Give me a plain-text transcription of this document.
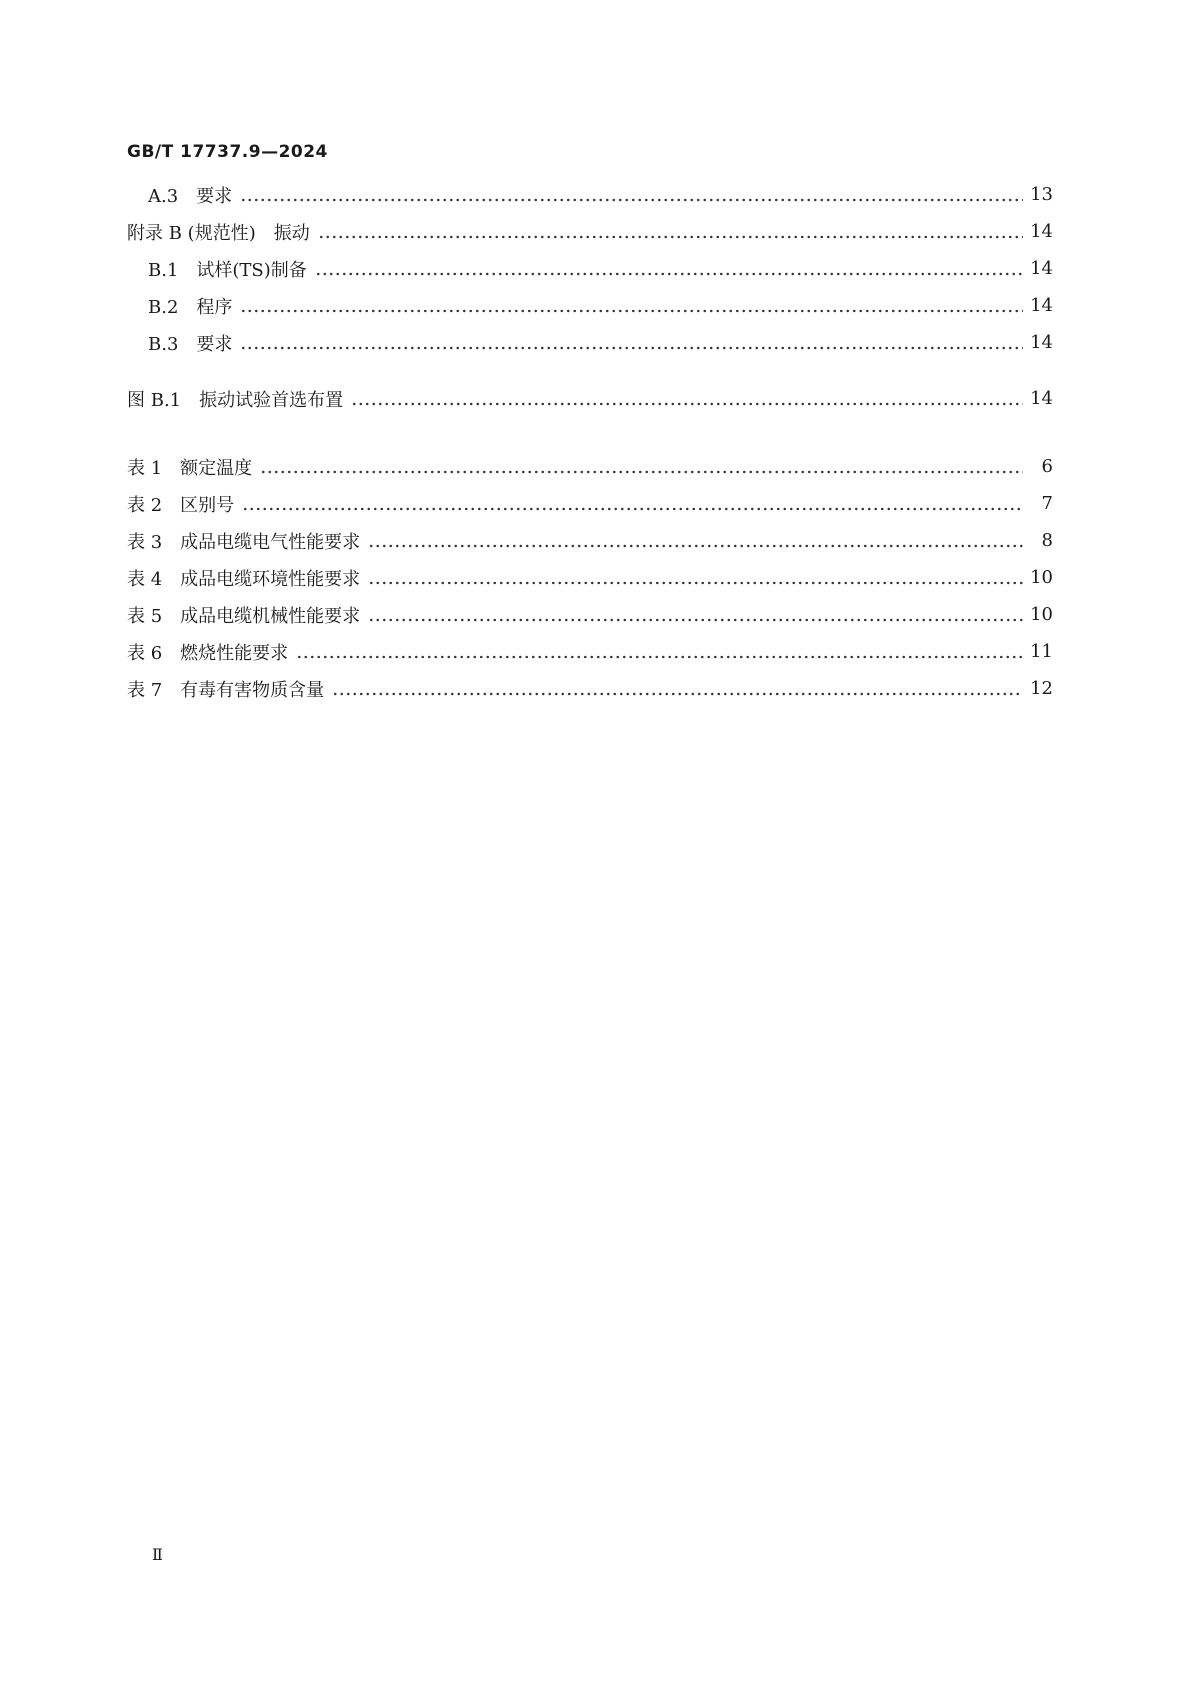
GB/T 17737.9—2024
A.3　要求	13
附录 B (规范性)　振动	14
B.1　试样(TS)制备	14
B.2　程序	14
B.3　要求	14
图 B.1　振动试验首选布置	14
表 1　额定温度	6
表 2　区别号	7
表 3　成品电缆电气性能要求	8
表 4　成品电缆环境性能要求	10
表 5　成品电缆机械性能要求	10
表 6　燃烧性能要求	11
表 7　有毒有害物质含量	12
Ⅱ
